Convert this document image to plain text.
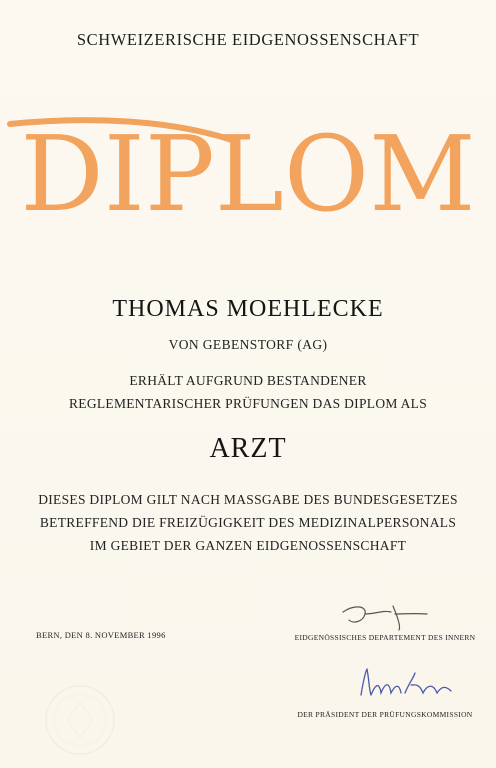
SCHWEIZERISCHE EIDGENOSSENSCHAFT
DIPLOM
THOMAS MOEHLECKE
VON GEBENSTORF (AG)
ERHÄLT AUFGRUND BESTANDENER
REGLEMENTARISCHER PRÜFUNGEN DAS DIPLOM ALS
ARZT
DIESES DIPLOM GILT NACH MASSGABE DES BUNDESGESETZES
BETREFFEND DIE FREIZÜGIGKEIT DES MEDIZINALPERSONALS
IM GEBIET DER GANZEN EIDGENOSSENSCHAFT
BERN, DEN 8. NOVEMBER 1996	EIDGENÖSSISCHES DEPARTEMENT DES INNERN
DER PRÄSIDENT DER PRÜFUNGSKOMMISSION
